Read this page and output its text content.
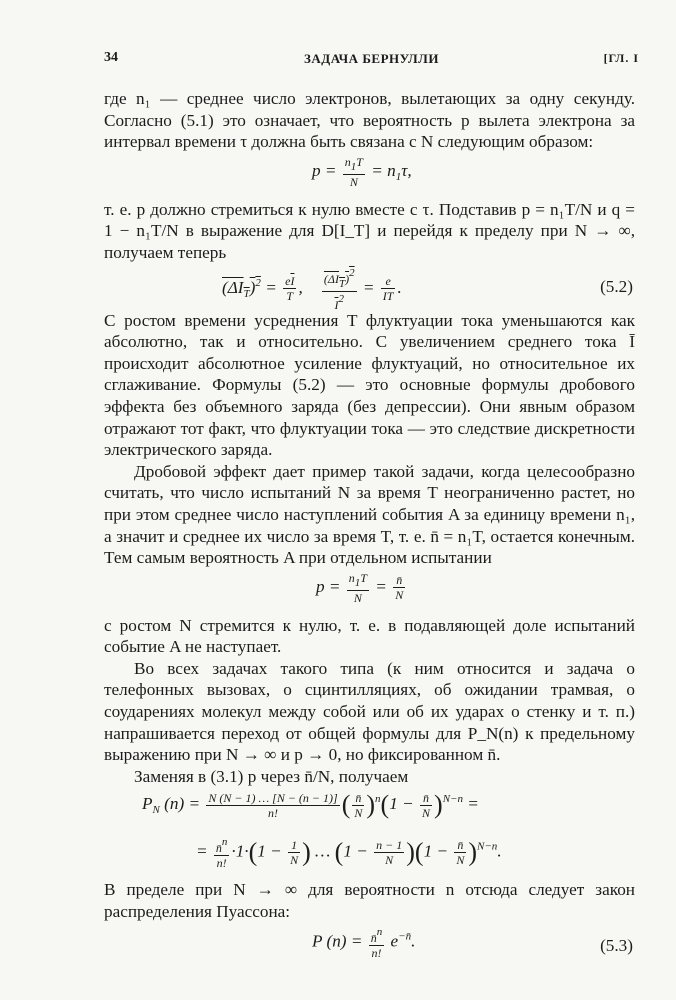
34	ЗАДАЧА БЕРНУЛЛИ	[ГЛ. I

где n₁ — среднее число электронов, вылетающих за одну секунду. Согласно (5.1) это означает, что вероятность p вылета электрона за интервал времени τ должна быть связана с N следующим образом:

$p = \frac{n1T}{N} = n_1\tau$,

т. е. p должно стремиться к нулю вместе с τ. Подставив p = n₁T/N и q = 1 − n₁T/N в выражение для D[I_T] и перейдя к пределу при N → ∞, получаем теперь

$(\Delta I_T)^2 = \frac{e\overline{I}}{T}$ , $\frac{\text{(ΔIT)2}}{\overline{I}2} = \frac{e}{\overline{I}T}$ .	(5.2)

С ростом времени усреднения T флуктуации тока уменьшаются как абсолютно, так и относительно. С увеличением среднего тока Ī происходит абсолютное усиление флуктуаций, но относительное их сглаживание. Формулы (5.2) — это основные формулы дробового эффекта без объемного заряда (без депрессии). Они явным образом отражают тот факт, что флуктуации тока — это следствие дискретности электрического заряда.

Дробовой эффект дает пример такой задачи, когда целесообразно считать, что число испытаний N за время T неограниченно растет, но при этом среднее число наступлений события A за единицу времени n₁, а значит и среднее их число за время T, т. е. n̄ = n₁T, остается конечным. Тем самым вероятность A при отдельном испытании

$p = \frac{n1T}{N} = \frac{n̄}{N}$

с ростом N стремится к нулю, т. е. в подавляющей доле испытаний событие A не наступает.

Во всех задачах такого типа (к ним относится и задача о телефонных вызовах, о сцинтилляциях, об ожидании трамвая, о соударениях молекул между собой или об их ударах о стенку и т. п.) напрашивается переход от общей формулы для P_N(n) к предельному выражению при N → ∞ и p → 0, но фиксированном n̄.

Заменяя в (3.1) p через n̄/N, получаем

$P_N$ $(n) = \frac{N (N - 1) \dots [N - (n - 1)]}{n!}$ ( $\frac{n̄}{N} )^n(1 - \frac{n̄}{N} )^{N-n}$ =
= $\frac{n̄n}{n!} \cdot 1\cdot(1 - \frac{1}{N}$ ) … $(1 - \frac{n - 1}{N} )(1 - \frac{n̄}{N} )^{N-n}$.

В пределе при N → ∞ для вероятности n отсюда следует закон распределения Пуассона:

P $(n) = \frac{n̄n}{n!} e^{-n̄}$.	(5.3)
